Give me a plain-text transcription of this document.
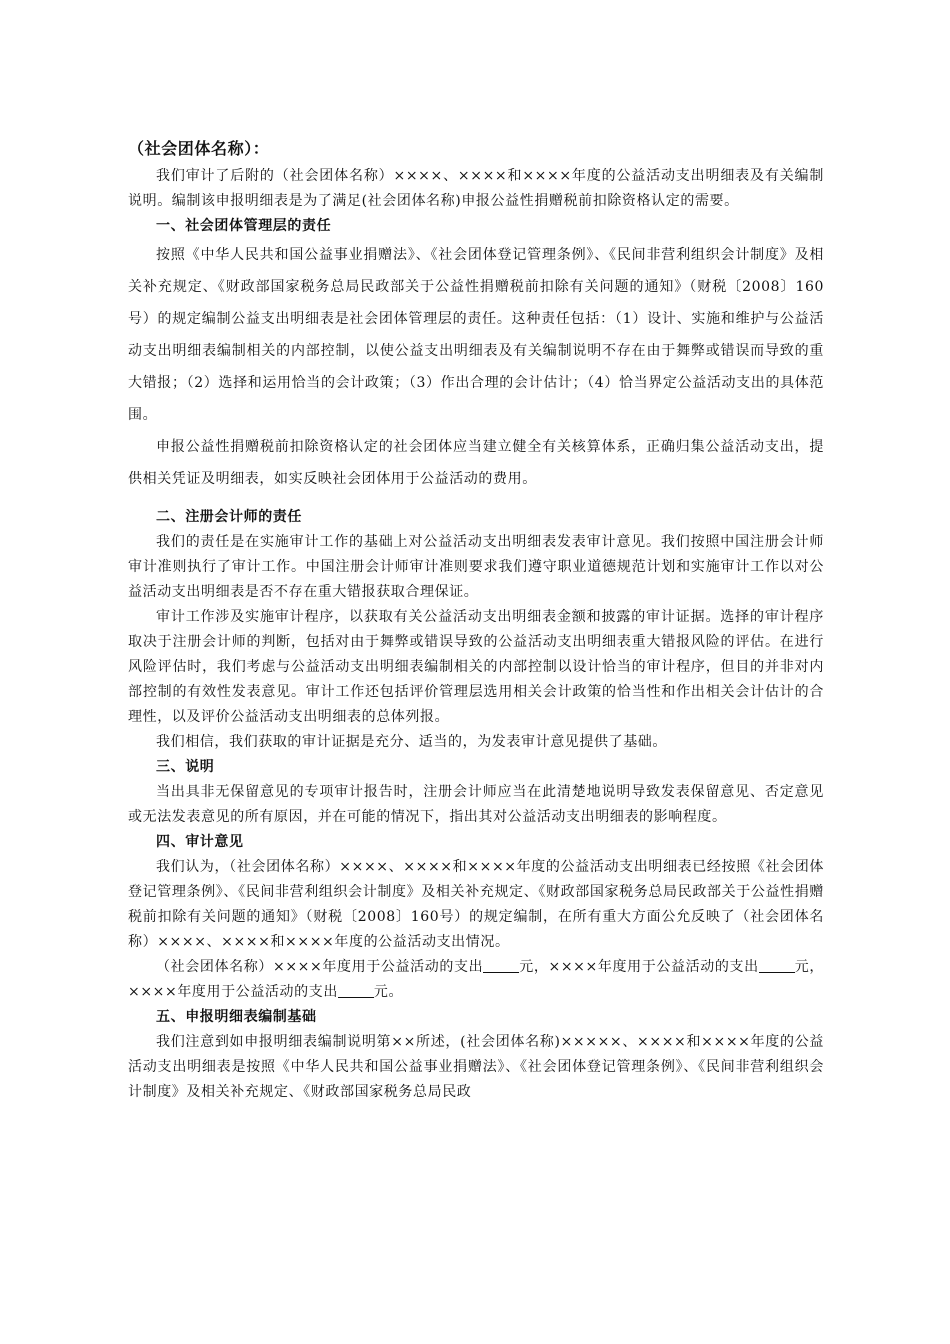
（社会团体名称）：

我们审计了后附的（社会团体名称）××××、××××和××××年度的公益活动支出明细表及有关编制说明。编制该申报明细表是为了满足(社会团体名称)申报公益性捐赠税前扣除资格认定的需要。

一、社会团体管理层的责任

按照《中华人民共和国公益事业捐赠法》、《社会团体登记管理条例》、《民间非营利组织会计制度》及相关补充规定、《财政部国家税务总局民政部关于公益性捐赠税前扣除有关问题的通知》（财税〔2008〕160号）的规定编制公益支出明细表是社会团体管理层的责任。这种责任包括：（1）设计、实施和维护与公益活动支出明细表编制相关的内部控制，以使公益支出明细表及有关编制说明不存在由于舞弊或错误而导致的重大错报；（2）选择和运用恰当的会计政策；（3）作出合理的会计估计；（4）恰当界定公益活动支出的具体范围。

申报公益性捐赠税前扣除资格认定的社会团体应当建立健全有关核算体系，正确归集公益活动支出，提供相关凭证及明细表，如实反映社会团体用于公益活动的费用。

二、注册会计师的责任

我们的责任是在实施审计工作的基础上对公益活动支出明细表发表审计意见。我们按照中国注册会计师审计准则执行了审计工作。中国注册会计师审计准则要求我们遵守职业道德规范计划和实施审计工作以对公益活动支出明细表是否不存在重大错报获取合理保证。

审计工作涉及实施审计程序，以获取有关公益活动支出明细表金额和披露的审计证据。选择的审计程序取决于注册会计师的判断，包括对由于舞弊或错误导致的公益活动支出明细表重大错报风险的评估。在进行风险评估时，我们考虑与公益活动支出明细表编制相关的内部控制以设计恰当的审计程序，但目的并非对内部控制的有效性发表意见。审计工作还包括评价管理层选用相关会计政策的恰当性和作出相关会计估计的合理性，以及评价公益活动支出明细表的总体列报。

我们相信，我们获取的审计证据是充分、适当的，为发表审计意见提供了基础。

三、说明

当出具非无保留意见的专项审计报告时，注册会计师应当在此清楚地说明导致发表保留意见、否定意见或无法发表意见的所有原因，并在可能的情况下，指出其对公益活动支出明细表的影响程度。

四、审计意见

我们认为，（社会团体名称）××××、××××和××××年度的公益活动支出明细表已经按照《社会团体登记管理条例》、《民间非营利组织会计制度》及相关补充规定、《财政部国家税务总局民政部关于公益性捐赠税前扣除有关问题的通知》（财税〔2008〕160号）的规定编制，在所有重大方面公允反映了（社会团体名称）××××、××××和××××年度的公益活动支出情况。

（社会团体名称）××××年度用于公益活动的支出	元，××××年度用于公益活动的支出	元，××××年度用于公益活动的支出	元。

五、申报明细表编制基础

我们注意到如申报明细表编制说明第××所述，(社会团体名称)×××××、××××和××××年度的公益活动支出明细表是按照《中华人民共和国公益事业捐赠法》、《社会团体登记管理条例》、《民间非营利组织会计制度》及相关补充规定、《财政部国家税务总局民政
